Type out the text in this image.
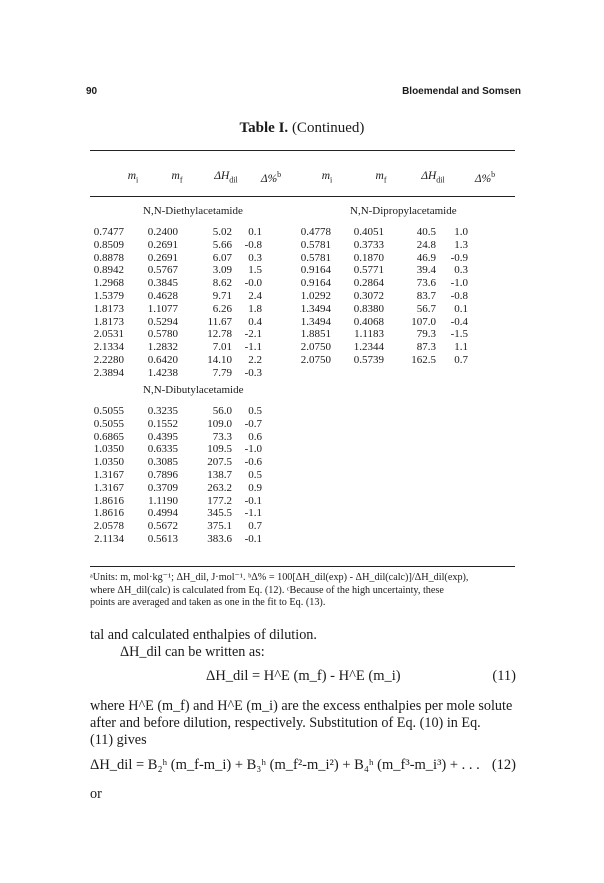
90	Bloemendal and Somsen
Table I. (Continued)
$m_i$	$m_f$	$\Delta H_{dil}$	Δ%$^b$	$m_i$	$m_f$	$\Delta H_{dil}$	Δ%$^b$
N,N-Diethylacetamide	N,N-Dipropylacetamide
0.7477 0.2400	5.02 0.1
0.8509 0.2691	5.66 -0.8
0.8878 0.2691	6.07 0.3
0.8942 0.5767	3.09 1.5
1.2968 0.3845	8.62 -0.0
1.5379 0.4628	9.71 2.4
1.8173 1.1077	6.26 1.8
1.8173 0.5294	11.67 0.4
2.0531 0.5780	12.78 -2.1
2.1334 1.2832	7.01 -1.1
2.2280 0.6420	14.10 2.2
2.3894 1.4238	7.79 -0.3
0.4778 0.4051	40.5 1.0
0.5781 0.3733	24.8 1.3
0.5781 0.1870	46.9 -0.9
0.9164 0.5771	39.4 0.3
0.9164 0.2864	73.6 -1.0
1.0292 0.3072	83.7 -0.8
1.3494 0.8380	56.7 0.1
1.3494 0.4068 107.0 -0.4
1.8851 1.1183	79.3 -1.5
2.0750 1.2344	87.3 1.1
2.0750 0.5739 162.5 0.7
N,N-Dibutylacetamide
0.5055 0.3235	56.0 0.5
0.5055 0.1552	109.0 -0.7
0.6865 0.4395	73.3 0.6
1.0350 0.6335	109.5 -1.0
1.0350 0.3085	207.5 -0.6
1.3167 0.7896	138.7 0.5
1.3167 0.3709	263.2 0.9
1.8616 1.1190	177.2 -0.1
1.8616 0.4994	345.5 -1.1
2.0578 0.5672	375.1 0.7
2.1134 0.5613	383.6 -0.1
ᵃUnits: m, mol·kg⁻¹; ΔH_dil, J·mol⁻¹. ᵇΔ% = 100[ΔH_dil(exp) - ΔH_dil(calc)]/ΔH_dil(exp),
where ΔH_dil(calc) is calculated from Eq. (12). ᶜBecause of the high uncertainty, these
points are averaged and taken as one in the fit to Eq. (13).
tal and calculated enthalpies of dilution.
ΔH_dil can be written as:
ΔH_dil = H^E (m_f) - H^E (m_i)	(11)
where H^E (m_f) and H^E (m_i) are the excess enthalpies per mole solute
after and before dilution, respectively. Substitution of Eq. (10) in Eq.
(11) gives
ΔH_dil = B₂ʰ (m_f-m_i) + B₃ʰ (m_f²-m_i²) + B₄ʰ (m_f³-m_i³) + . . . (12)
or
